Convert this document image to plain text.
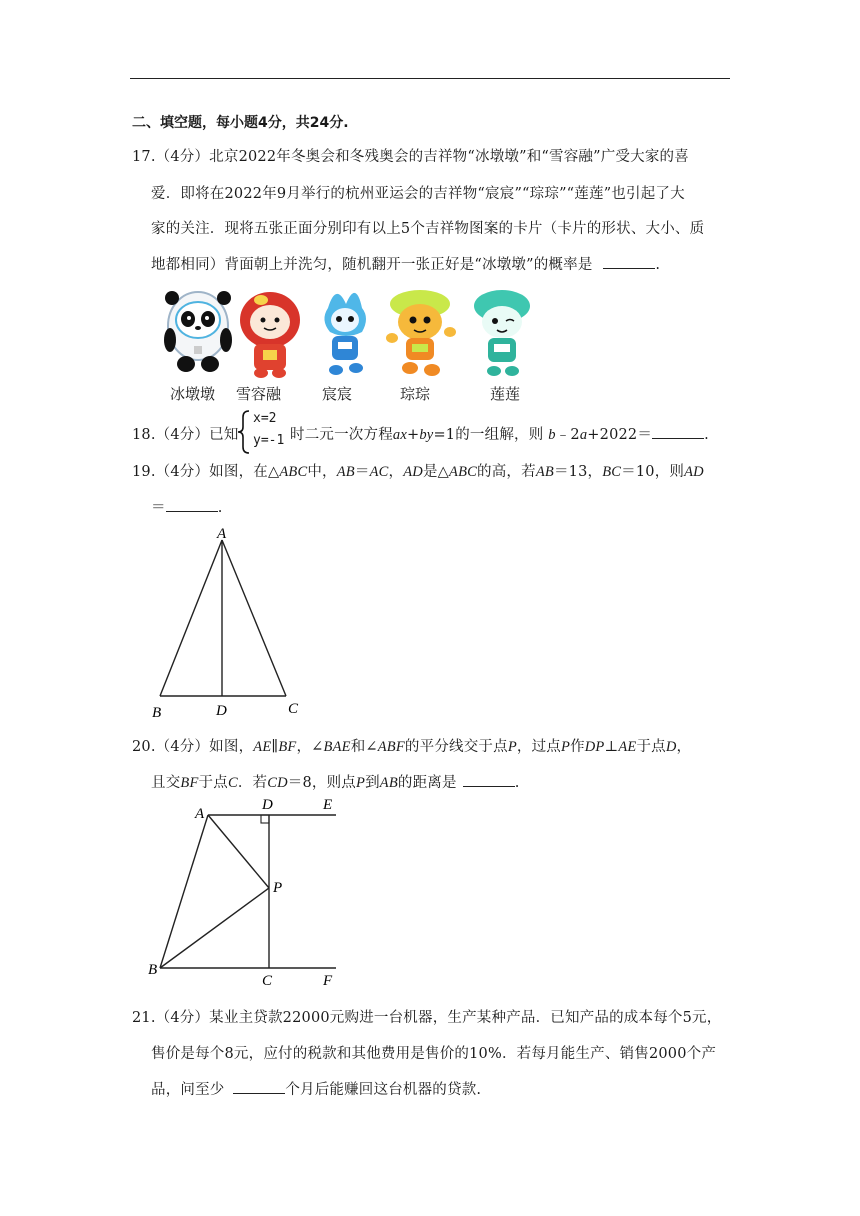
二、填空题，每小题4分，共24分.
17.（4分）北京2022年冬奥会和冬残奥会的吉祥物“冰墩墩”和“雪容融”广受大家的喜
爱．即将在2022年9月举行的杭州亚运会的吉祥物“宸宸”“琮琮”“莲莲”也引起了大
家的关注．现将五张正面分别印有以上5个吉祥物图案的卡片（卡片的形状、大小、质
地都相同）背面朝上并洗匀，随机翻开一张正好是“冰墩墩”的概率是	.
冰墩墩 雪容融	宸宸	琮琮	莲莲
18.（4分）已知
x=2
y=-1 时二元一次方程ax+by=1的一组解，则 b﹣2a+2022＝	.
19.（4分）如图，在△ABC中，AB＝AC，AD是△ABC的高，若AB＝13，BC＝10，则AD
＝	.
A
B	D	C
20.（4分）如图，AE∥BF，∠BAE和∠ABF的平分线交于点P，过点P作DP⊥AE于点D，
且交BF于点C．若CD＝8，则点P到AB的距离是	.
A
D	E
P
B
C	F
21.（4分）某业主贷款22000元购进一台机器，生产某种产品．已知产品的成本每个5元，
售价是每个8元，应付的税款和其他费用是售价的10%．若每月能生产、销售2000个产
品，问至少	个月后能赚回这台机器的贷款.
